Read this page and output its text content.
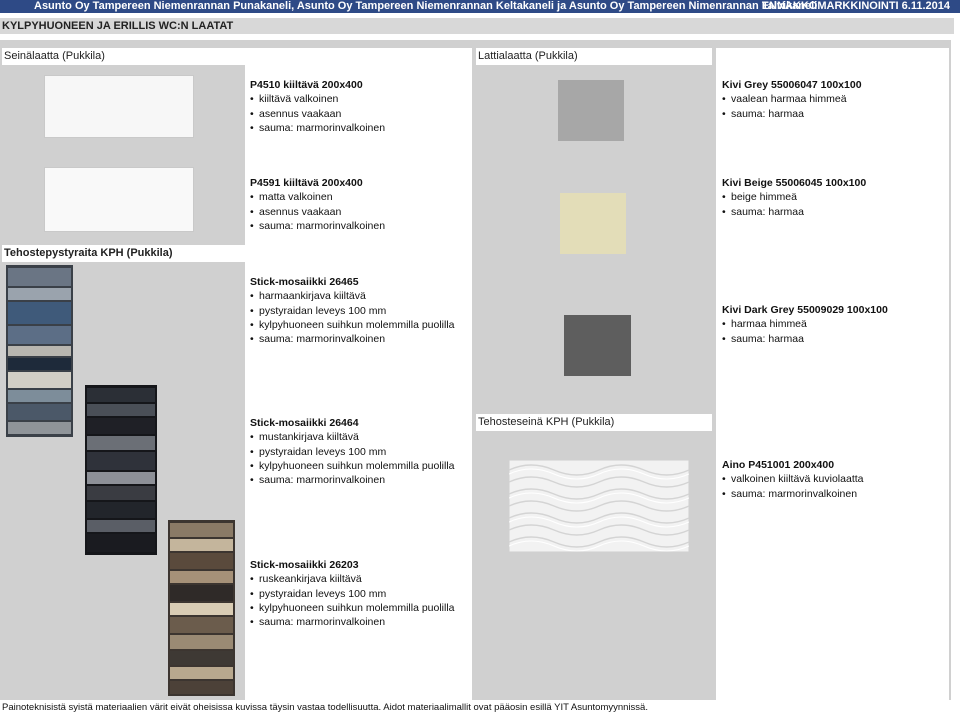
Asunto Oy Tampereen Niemenrannan Punakaneli, Asunto Oy Tampereen Niemenrannan Keltakaneli ja Asunto Oy Tampereen Nimenrannan Talvikaneli
ENNAKKOMARKKINOINTI 6.11.2014
KYLPYHUONEEN JA ERILLIS WC:N LAATAT
Seinälaatta (Pukkila)	Lattialaatta (Pukkila)
Tehostepystyraita KPH (Pukkila)
Tehosteseinä KPH (Pukkila)
P4510 kiiltävä 200x400
• kiiltävä valkoinen
• asennus vaakaan
• sauma: marmorinvalkoinen
P4591 kiiltävä 200x400
• matta valkoinen
• asennus vaakaan
• sauma: marmorinvalkoinen
Stick-mosaiikki 26465
• harmaankirjava kiiltävä
• pystyraidan leveys 100 mm
• kylpyhuoneen suihkun molemmilla puolilla
• sauma: marmorinvalkoinen
Stick-mosaiikki 26464
• mustankirjava kiiltävä
• pystyraidan leveys 100 mm
• kylpyhuoneen suihkun molemmilla puolilla
• sauma: marmorinvalkoinen
Stick-mosaiikki 26203
• ruskeankirjava kiiltävä
• pystyraidan leveys 100 mm
• kylpyhuoneen suihkun molemmilla puolilla
• sauma: marmorinvalkoinen
Kivi Grey 55006047 100x100
• vaalean harmaa himmeä
• sauma: harmaa
Kivi Beige 55006045 100x100
• beige himmeä
• sauma: harmaa
Kivi Dark Grey 55009029 100x100
• harmaa himmeä
• sauma: harmaa
Aino P451001 200x400
• valkoinen kiiltävä kuviolaatta
• sauma: marmorinvalkoinen
Painoteknisistä syistä materiaalien värit eivät oheisissa kuvissa täysin vastaa todellisuutta. Aidot materiaalimallit ovat pääosin esillä YIT Asuntomyynnissä.
